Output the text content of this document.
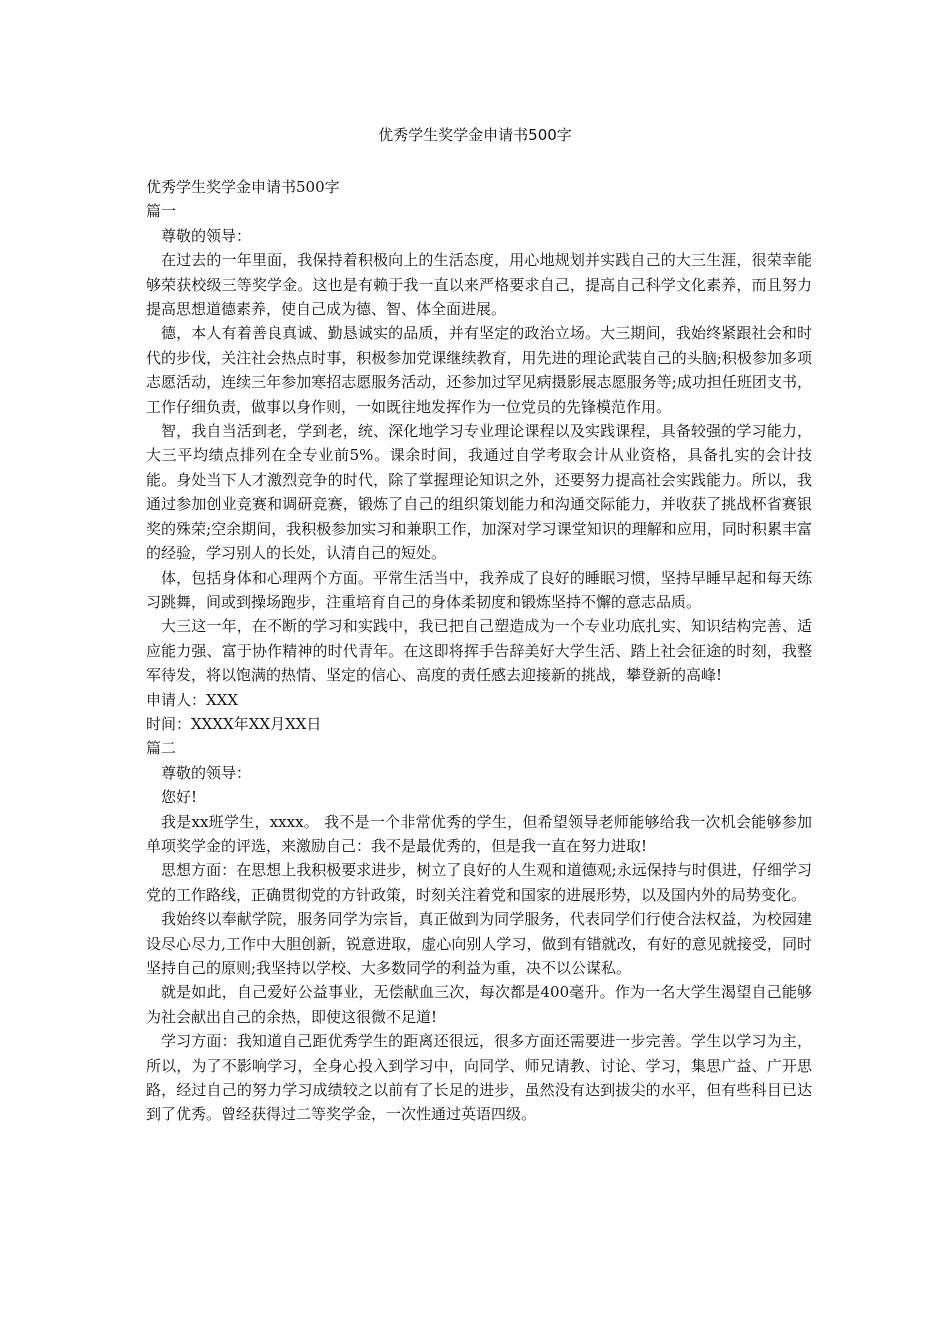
优秀学生奖学金申请书500字

优秀学生奖学金申请书500字

篇一

尊敬的领导：

在过去的一年里面，我保持着积极向上的生活态度，用心地规划并实践自己的大三生涯，很荣幸能够荣获校级三等奖学金。这也是有赖于我一直以来严格要求自己，提高自己科学文化素养，而且努力提高思想道德素养，使自己成为德、智、体全面进展。

德，本人有着善良真诚、勤恳诚实的品质，并有坚定的政治立场。大三期间，我始终紧跟社会和时代的步伐，关注社会热点时事，积极参加党课继续教育，用先进的理论武装自己的头脑;积极参加多项志愿活动，连续三年参加寒招志愿服务活动，还参加过罕见病摄影展志愿服务等;成功担任班团支书，工作仔细负责，做事以身作则，一如既往地发挥作为一位党员的先锋模范作用。

智，我自当活到老，学到老，统、深化地学习专业理论课程以及实践课程，具备较强的学习能力，大三平均绩点排列在全专业前5%。课余时间，我通过自学考取会计从业资格，具备扎实的会计技能。身处当下人才激烈竞争的时代，除了掌握理论知识之外，还要努力提高社会实践能力。所以，我通过参加创业竞赛和调研竞赛，锻炼了自己的组织策划能力和沟通交际能力，并收获了挑战杯省赛银奖的殊荣;空余期间，我积极参加实习和兼职工作，加深对学习课堂知识的理解和应用，同时积累丰富的经验，学习别人的长处，认清自己的短处。

体，包括身体和心理两个方面。平常生活当中，我养成了良好的睡眠习惯，坚持早睡早起和每天练习跳舞，间或到操场跑步，注重培育自己的身体柔韧度和锻炼坚持不懈的意志品质。

大三这一年，在不断的学习和实践中，我已把自己塑造成为一个专业功底扎实、知识结构完善、适应能力强、富于协作精神的时代青年。在这即将挥手告辞美好大学生活、踏上社会征途的时刻，我整军待发，将以饱满的热情、坚定的信心、高度的责任感去迎接新的挑战，攀登新的高峰!

申请人：XXX

时间：XXXX年XX月XX日

篇二

尊敬的领导：

您好!

我是xx班学生，xxxx。 我不是一个非常优秀的学生，但希望领导老师能够给我一次机会能够参加单项奖学金的评选，来激励自己：我不是最优秀的，但是我一直在努力进取!

思想方面：在思想上我积极要求进步，树立了良好的人生观和道德观;永远保持与时俱进，仔细学习党的工作路线，正确贯彻党的方针政策，时刻关注着党和国家的进展形势，以及国内外的局势变化。

我始终以奉献学院，服务同学为宗旨，真正做到为同学服务，代表同学们行使合法权益，为校园建设尽心尽力,工作中大胆创新，锐意进取，虚心向别人学习，做到有错就改，有好的意见就接受，同时坚持自己的原则;我坚持以学校、大多数同学的利益为重，决不以公谋私。

就是如此，自己爱好公益事业，无偿献血三次，每次都是400毫升。作为一名大学生渴望自己能够为社会献出自己的余热，即使这很微不足道!

学习方面：我知道自己距优秀学生的距离还很远，很多方面还需要进一步完善。学生以学习为主，所以，为了不影响学习，全身心投入到学习中，向同学、师兄请教、讨论、学习，集思广益、广开思路，经过自己的努力学习成绩较之以前有了长足的进步，虽然没有达到拔尖的水平，但有些科目已达到了优秀。曾经获得过二等奖学金，一次性通过英语四级。
